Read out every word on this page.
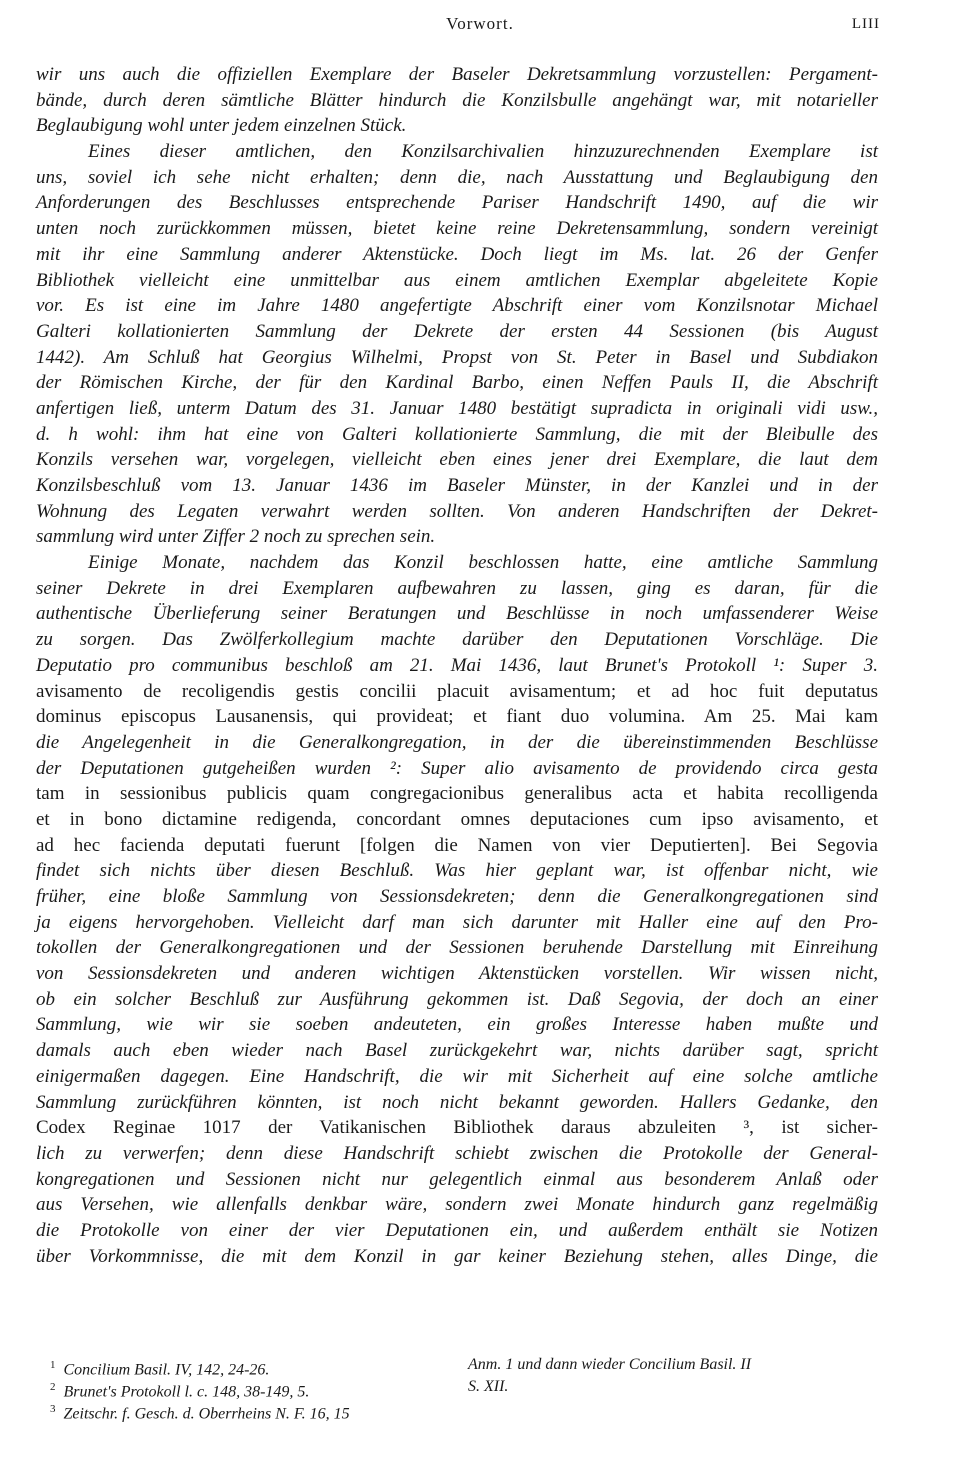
Vorwort.	LIII
wir uns auch die offiziellen Exemplare der Baseler Dekretsammlung vorzustellen: Pergament-
bände, durch deren sämtliche Blätter hindurch die Konzilsbulle angehängt war, mit notarieller
Beglaubigung wohl unter jedem einzelnen Stück.
Eines dieser amtlichen, den Konzilsarchivalien hinzuzurechnenden Exemplare ist
uns, soviel ich sehe nicht erhalten; denn die, nach Ausstattung und Beglaubigung den
Anforderungen des Beschlusses entsprechende Pariser Handschrift 1490, auf die wir
unten noch zurückkommen müssen, bietet keine reine Dekretensammlung, sondern vereinigt
mit ihr eine Sammlung anderer Aktenstücke. Doch liegt im Ms. lat. 26 der Genfer
Bibliothek vielleicht eine unmittelbar aus einem amtlichen Exemplar abgeleitete Kopie
vor. Es ist eine im Jahre 1480 angefertigte Abschrift einer vom Konzilsnotar Michael
Galteri kollationierten Sammlung der Dekrete der ersten 44 Sessionen (bis August
1442). Am Schluß hat Georgius Wilhelmi, Propst von St. Peter in Basel und Subdiakon
der Römischen Kirche, der für den Kardinal Barbo, einen Neffen Pauls II, die Abschrift
anfertigen ließ, unterm Datum des 31. Januar 1480 bestätigt supradicta in originali vidi usw.,
d. h wohl: ihm hat eine von Galteri kollationierte Sammlung, die mit der Bleibulle des
Konzils versehen war, vorgelegen, vielleicht eben eines jener drei Exemplare, die laut dem
Konzilsbeschluß vom 13. Januar 1436 im Baseler Münster, in der Kanzlei und in der
Wohnung des Legaten verwahrt werden sollten. Von anderen Handschriften der Dekret-
sammlung wird unter Ziffer 2 noch zu sprechen sein.
Einige Monate, nachdem das Konzil beschlossen hatte, eine amtliche Sammlung
seiner Dekrete in drei Exemplaren aufbewahren zu lassen, ging es daran, für die
authentische Überlieferung seiner Beratungen und Beschlüsse in noch umfassenderer Weise
zu sorgen. Das Zwölferkollegium machte darüber den Deputationen Vorschläge. Die
Deputatio pro communibus beschloß am 21. Mai 1436, laut Brunet's Protokoll ¹: Super 3.
avisamento de recoligendis gestis concilii placuit avisamentum; et ad hoc fuit deputatus
dominus episcopus Lausanensis, qui provideat; et fiant duo volumina. Am 25. Mai kam
die Angelegenheit in die Generalkongregation, in der die übereinstimmenden Beschlüsse
der Deputationen gutgeheißen wurden ²: Super alio avisamento de providendo circa gesta
tam in sessionibus publicis quam congregacionibus generalibus acta et habita recolligenda
et in bono dictamine redigenda, concordant omnes deputaciones cum ipso avisamento, et
ad hec facienda deputati fuerunt [folgen die Namen von vier Deputierten]. Bei Segovia
findet sich nichts über diesen Beschluß. Was hier geplant war, ist offenbar nicht, wie
früher, eine bloße Sammlung von Sessionsdekreten; denn die Generalkongregationen sind
ja eigens hervorgehoben. Vielleicht darf man sich darunter mit Haller eine auf den Pro-
tokollen der Generalkongregationen und der Sessionen beruhende Darstellung mit Einreihung
von Sessionsdekreten und anderen wichtigen Aktenstücken vorstellen. Wir wissen nicht,
ob ein solcher Beschluß zur Ausführung gekommen ist. Daß Segovia, der doch an einer
Sammlung, wie wir sie soeben andeuteten, ein großes Interesse haben mußte und
damals auch eben wieder nach Basel zurückgekehrt war, nichts darüber sagt, spricht
einigermaßen dagegen. Eine Handschrift, die wir mit Sicherheit auf eine solche amtliche
Sammlung zurückführen könnten, ist noch nicht bekannt geworden. Hallers Gedanke, den
Codex Reginae 1017 der Vatikanischen Bibliothek daraus abzuleiten ³, ist sicher-
lich zu verwerfen; denn diese Handschrift schiebt zwischen die Protokolle der General-
kongregationen und Sessionen nicht nur gelegentlich einmal aus besonderem Anlaß oder
aus Versehen, wie allenfalls denkbar wäre, sondern zwei Monate hindurch ganz regelmäßig
die Protokolle von einer der vier Deputationen ein, und außerdem enthält sie Notizen
über Vorkommnisse, die mit dem Konzil in gar keiner Beziehung stehen, alles Dinge, die
$^1$ Concilium Basil. IV, 142, 24-26.
$^2$ Brunet's Protokoll l. c. 148, 38-149, 5.
$^3$ Zeitschr. f. Gesch. d. Oberrheins N. F. 16, 15
Anm. 1 und dann wieder Concilium Basil. II
S. XII.
